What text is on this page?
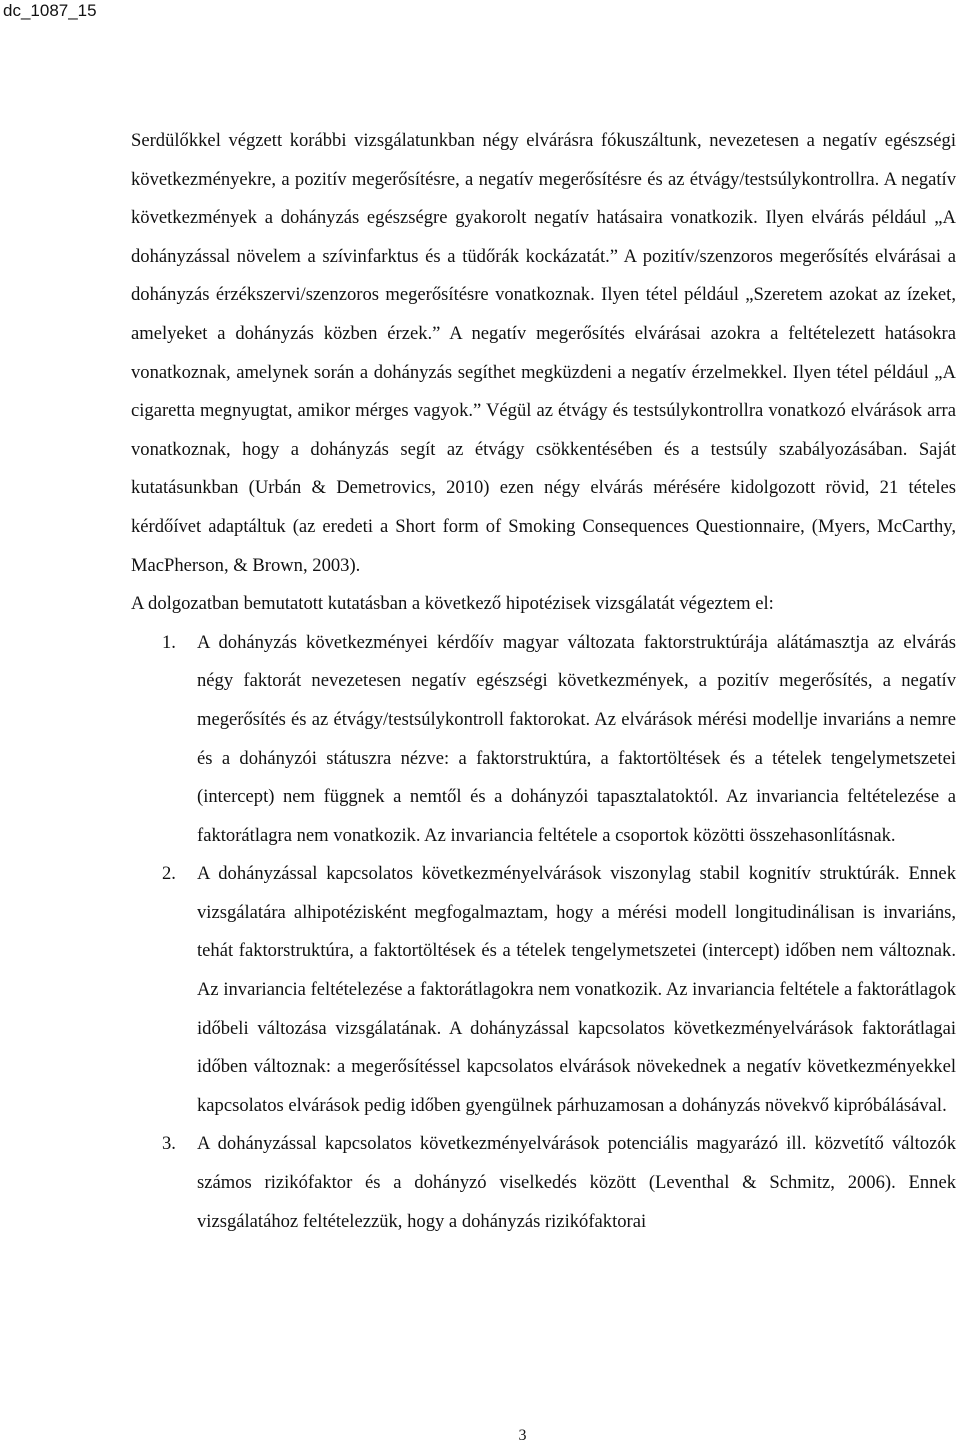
dc_1087_15

Serdülőkkel végzett korábbi vizsgálatunkban négy elvárásra fókuszáltunk, nevezetesen a negatív egészségi következményekre, a pozitív megerősítésre, a negatív megerősítésre és az étvágy/testsúlykontrollra. A negatív következmények a dohányzás egészségre gyakorolt negatív hatásaira vonatkozik. Ilyen elvárás például „A dohányzással növelem a szívinfarktus és a tüdőrák kockázatát.” A pozitív/szenzoros megerősítés elvárásai a dohányzás érzékszervi/szenzoros megerősítésre vonatkoznak. Ilyen tétel például „Szeretem azokat az ízeket, amelyeket a dohányzás közben érzek.” A negatív megerősítés elvárásai azokra a feltételezett hatásokra vonatkoznak, amelynek során a dohányzás segíthet megküzdeni a negatív érzelmekkel. Ilyen tétel például „A cigaretta megnyugtat, amikor mérges vagyok.” Végül az étvágy és testsúlykontrollra vonatkozó elvárások arra vonatkoznak, hogy a dohányzás segít az étvágy csökkentésében és a testsúly szabályozásában. Saját kutatásunkban (Urbán & Demetrovics, 2010) ezen négy elvárás mérésére kidolgozott rövid, 21 tételes kérdőívet adaptáltuk (az eredeti a Short form of Smoking Consequences Questionnaire, (Myers, McCarthy, MacPherson, & Brown, 2003).

A dolgozatban bemutatott kutatásban a következő hipotézisek vizsgálatát végeztem el:

1. A dohányzás következményei kérdőív magyar változata faktorstruktúrája alátámasztja az elvárás négy faktorát nevezetesen negatív egészségi következmények, a pozitív megerősítés, a negatív megerősítés és az étvágy/testsúlykontroll faktorokat. Az elvárások mérési modellje invariáns a nemre és a dohányzói státuszra nézve: a faktorstruktúra, a faktortöltések és a tételek tengelymetszetei (intercept) nem függnek a nemtől és a dohányzói tapasztalatoktól. Az invariancia feltételezése a faktorátlagra nem vonatkozik. Az invariancia feltétele a csoportok közötti összehasonlításnak.
2. A dohányzással kapcsolatos következményelvárások viszonylag stabil kognitív struktúrák. Ennek vizsgálatára alhipotézisként megfogalmaztam, hogy a mérési modell longitudinálisan is invariáns, tehát faktorstruktúra, a faktortöltések és a tételek tengelymetszetei (intercept) időben nem változnak. Az invariancia feltételezése a faktorátlagokra nem vonatkozik. Az invariancia feltétele a faktorátlagok időbeli változása vizsgálatának. A dohányzással kapcsolatos következményelvárások faktorátlagai időben változnak: a megerősítéssel kapcsolatos elvárások növekednek a negatív következményekkel kapcsolatos elvárások pedig időben gyengülnek párhuzamosan a dohányzás növekvő kipróbálásával.
3. A dohányzással kapcsolatos következményelvárások potenciális magyarázó ill. közvetítő változók számos rizikófaktor és a dohányzó viselkedés között (Leventhal & Schmitz, 2006). Ennek vizsgálatához feltételezzük, hogy a dohányzás rizikófaktorai
3
